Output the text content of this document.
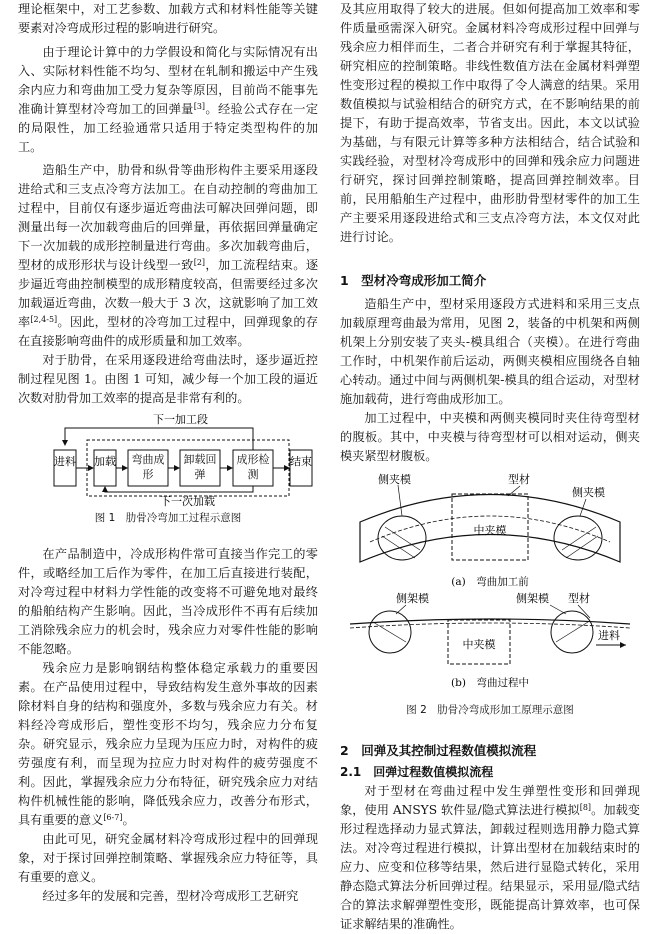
理论框架中，对工艺参数、加载方式和材料性能等关键要素对冷弯成形过程的影响进行研究。

由于理论计算中的力学假设和简化与实际情况有出入、实际材料性能不均匀、型材在轧制和搬运中产生残余内应力和弯曲加工受力复杂等原因，目前尚不能事先准确计算型材冷弯加工的回弹量[3]。经验公式存在一定的局限性，加工经验通常只适用于特定类型构件的加工。

造船生产中，肋骨和纵骨等曲形构件主要采用逐段进给式和三支点冷弯方法加工。在自动控制的弯曲加工过程中，目前仅有逐步逼近弯曲法可解决回弹问题，即测量出每一次加载弯曲后的回弹量，再依据回弹量确定下一次加载的成形控制量进行弯曲。多次加载弯曲后，型材的成形形状与设计线型一致[2]，加工流程结束。逐步逼近弯曲控制模型的成形精度较高，但需要经过多次加载逼近弯曲，次数一般大于 3 次，这就影响了加工效率[2,4-5]。因此，型材的冷弯加工过程中，回弹现象的存在直接影响弯曲件的成形质量和加工效率。

对于肋骨，在采用逐段进给弯曲法时，逐步逼近控制过程见图 1。由图 1 可知，减少每一个加工段的逼近次数对肋骨加工效率的提高是非常有利的。

下一加工段
进料 加载	弯曲成形
卸载回弹
成形检测
结束
下一次加载
图 1　肋骨冷弯加工过程示意图

在产品制造中，冷成形构件常可直接当作完工的零件，或略经加工后作为零件，在加工后直接进行装配，对冷弯过程中材料力学性能的改变将不可避免地对最终的船舶结构产生影响。因此，当冷成形件不再有后续加工消除残余应力的机会时，残余应力对零件性能的影响不能忽略。

残余应力是影响钢结构整体稳定承载力的重要因素。在产品使用过程中，导致结构发生意外事故的因素除材料自身的结构和强度外，多数与残余应力有关。材料经冷弯成形后，塑性变形不均匀，残余应力分布复杂。研究显示，残余应力呈现为压应力时，对构件的疲劳强度有利，而呈现为拉应力时对构件的疲劳强度不利。因此，掌握残余应力分布特征，研究残余应力对结构件机械性能的影响，降低残余应力，改善分布形式，具有重要的意义[6-7]。

由此可见，研究金属材料冷弯成形过程中的回弹现象，对于探讨回弹控制策略、掌握残余应力特征等，具有重要的意义。

经过多年的发展和完善，型材冷弯成形工艺研究

及其应用取得了较大的进展。但如何提高加工效率和零件质量亟需深入研究。金属材料冷弯成形过程中回弹与残余应力相伴而生，二者合并研究有利于掌握其特征，研究相应的控制策略。非线性数值方法在金属材料弹塑性变形过程的模拟工作中取得了令人满意的结果。采用数值模拟与试验相结合的研究方式，在不影响结果的前提下，有助于提高效率，节省支出。因此，本文以试验为基础，与有限元计算等多种方法相结合，结合试验和实践经验，对型材冷弯成形中的回弹和残余应力问题进行研究，探讨回弹控制策略，提高回弹控制效率。目前，民用船舶生产过程中，曲形肋骨型材零件的加工生产主要采用逐段进给式和三支点冷弯方法，本文仅对此进行讨论。

1　型材冷弯成形加工简介

造船生产中，型材采用逐段方式进料和采用三支点加载原理弯曲最为常用，见图 2，装备的中机架和两侧机架上分别安装了夹头-模具组合（夹模）。在进行弯曲工作时，中机架作前后运动，两侧夹模相应围绕各自轴心转动。通过中间与两侧机架-模具的组合运动，对型材施加载荷，进行弯曲成形加工。

加工过程中，中夹模和两侧夹模同时夹住待弯型材的腹板。其中，中夹模与待弯型材可以相对运动，侧夹模夹紧型材腹板。

中夹模
侧夹模	型材
侧夹模
(a)　弯曲加工前
中夹模
侧架模	侧架模 型材
进料
(b)　弯曲过程中
图 2　肋骨冷弯成形加工原理示意图
2　回弹及其控制过程数值模拟流程
2.1　回弹过程数值模拟流程

对于型材在弯曲过程中发生弹塑性变形和回弹现象，使用 ANSYS 软件显/隐式算法进行模拟[8]。加载变形过程选择动力显式算法，卸载过程则选用静力隐式算法。对冷弯过程进行模拟，计算出型材在加载结束时的应力、应变和位移等结果，然后进行显隐式转化，采用静态隐式算法分析回弹过程。结果显示，采用显/隐式结合的算法求解弹塑性变形，既能提高计算效率，也可保证求解结果的准确性。
